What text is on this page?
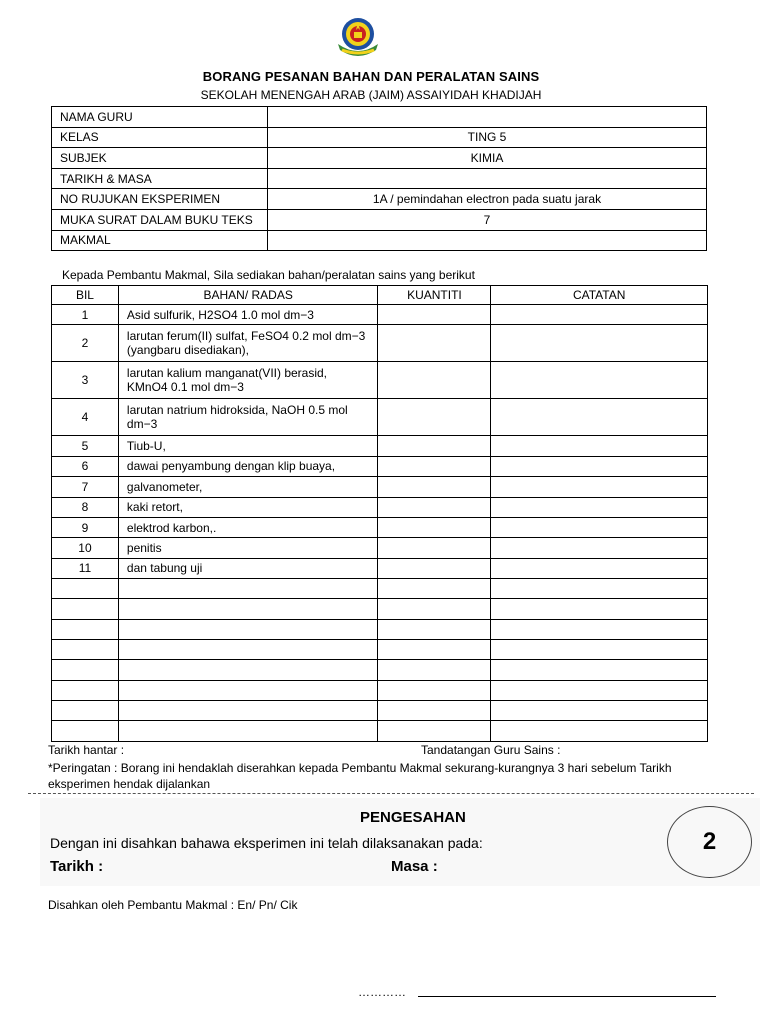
BORANG PESANAN BAHAN DAN PERALATAN SAINS
SEKOLAH MENENGAH ARAB (JAIM) ASSAIYIDAH KHADIJAH
NAMA GURU	
KELAS	TING 5
SUBJEK	KIMIA
TARIKH & MASA	
NO RUJUKAN EKSPERIMEN	1A / pemindahan electron pada suatu jarak
MUKA SURAT DALAM BUKU TEKS	7
MAKMAL	
Kepada Pembantu Makmal, Sila sediakan bahan/peralatan sains yang berikut
BIL	BAHAN/ RADAS	KUANTITI	CATATAN
1	Asid sulfurik, H2SO4 1.0 mol dm−3		
2	larutan ferum(II) sulfat, FeSO4 0.2 mol dm−3 (yangbaru disediakan),		
3	larutan kalium manganat(VII) berasid, KMnO4 0.1 mol dm−3		
4	larutan natrium hidroksida, NaOH 0.5 mol dm−3		
5	Tiub-U,		
6	dawai penyambung dengan klip buaya,		
7	galvanometer,		
8	kaki retort,		
9	elektrod karbon,.		
10	penitis		
11	dan tabung uji		

Tarikh hantar :	Tandatangan Guru Sains :
*Peringatan : Borang ini hendaklah diserahkan kepada Pembantu Makmal sekurang-kurangnya 3 hari sebelum Tarikh eksperimen hendak dijalankan
PENGESAHAN
Dengan ini disahkan bahawa eksperimen ini telah dilaksanakan pada:
Tarikh :	Masa :
2
Disahkan oleh Pembantu Makmal : En/ Pn/ Cik
…………
